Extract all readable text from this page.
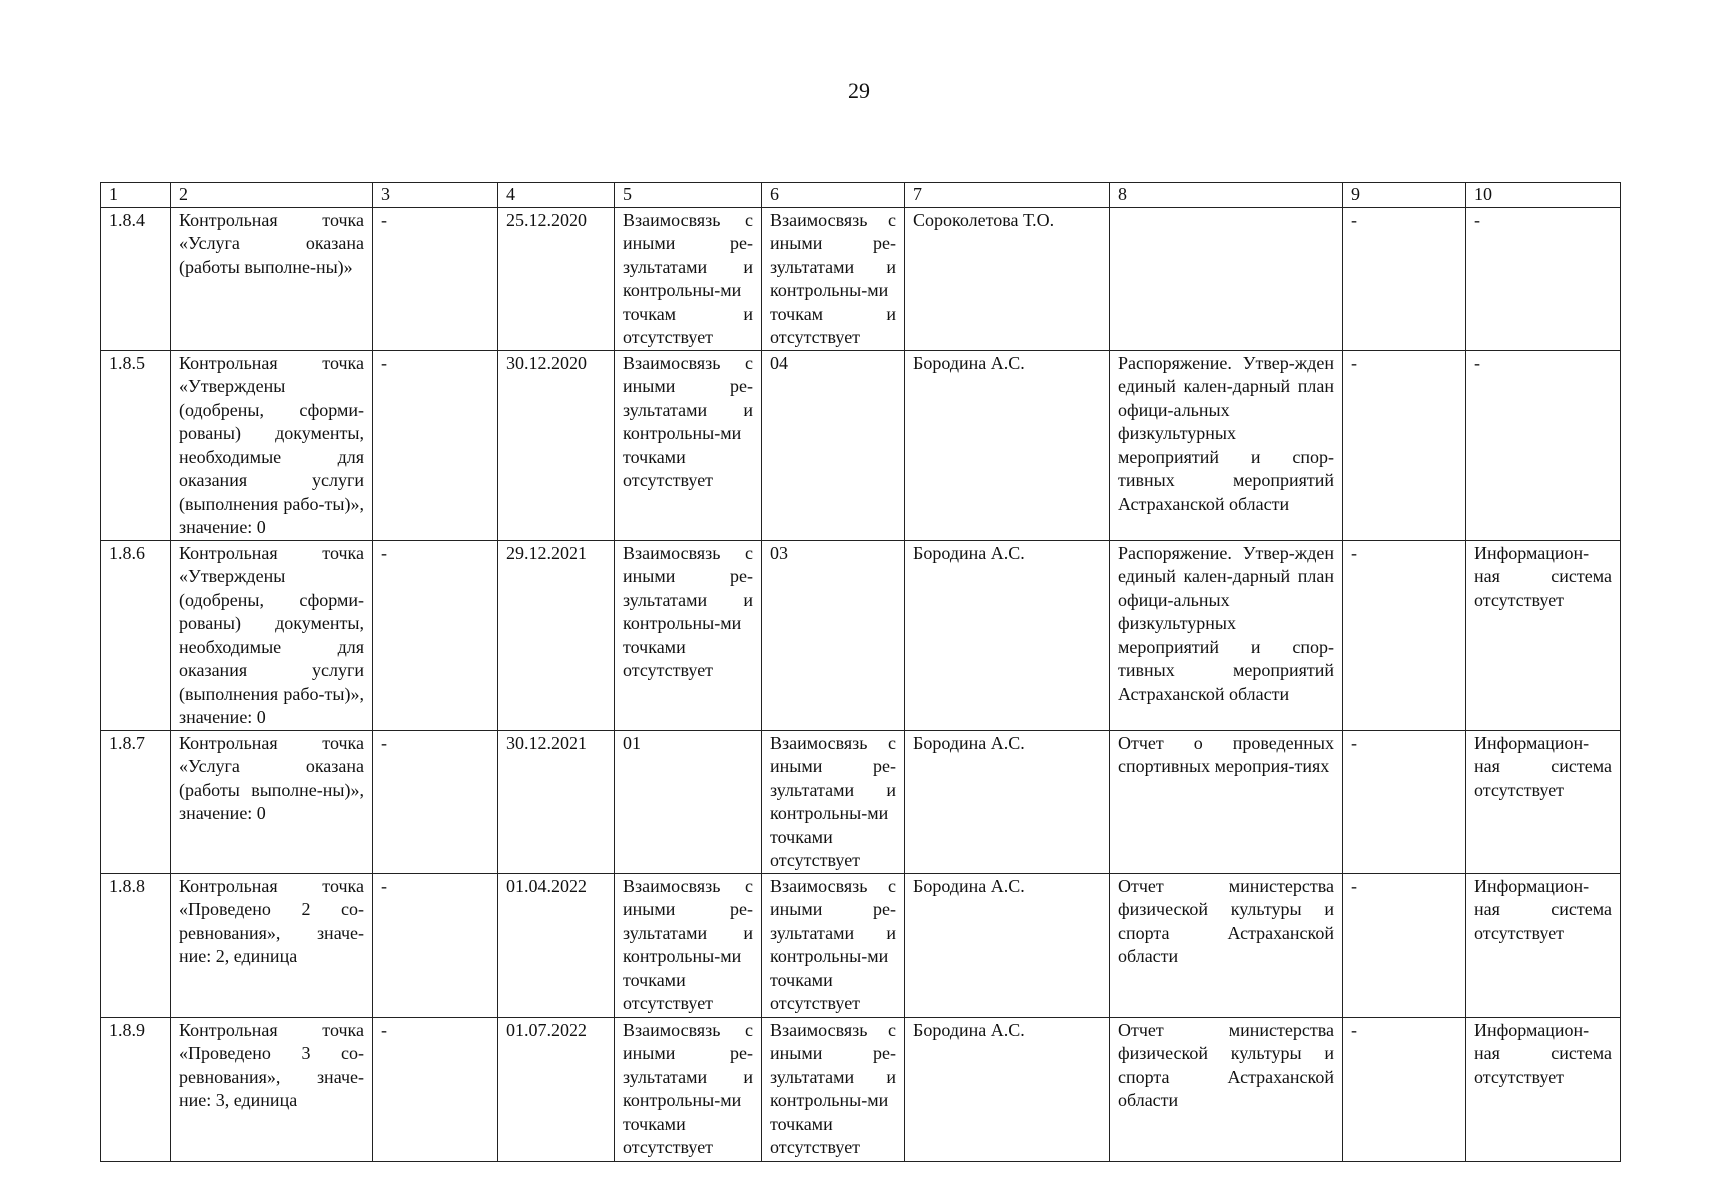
29
1	2	3	4	5	6	7	8	9	10
1.8.4	Контрольная точка «Услуга оказана (работы выполне-ны)»	-	25.12.2020	Взаимосвязь с иными ре-зультатами и контрольны-ми точкам и отсутствует	Взаимосвязь с иными ре-зультатами и контрольны-ми точкам и отсутствует	Сороколетова Т.О.		-	-
1.8.5	Контрольная точка «Утверждены (одобрены, сформи-рованы) документы, необходимые для оказания услуги (выполнения рабо-ты)», значение: 0	-	30.12.2020	Взаимосвязь с иными ре-зультатами и контрольны-ми точками отсутствует	04	Бородина А.С.	Распоряжение. Утвер-жден единый кален-дарный план офици-альных физкультурных мероприятий и спор-тивных мероприятий Астраханской области	-	-
1.8.6	Контрольная точка «Утверждены (одобрены, сформи-рованы) документы, необходимые для оказания услуги (выполнения рабо-ты)», значение: 0	-	29.12.2021	Взаимосвязь с иными ре-зультатами и контрольны-ми точками отсутствует	03	Бородина А.С.	Распоряжение. Утвер-жден единый кален-дарный план офици-альных физкультурных мероприятий и спор-тивных мероприятий Астраханской области	-	Информацион-ная система отсутствует
1.8.7	Контрольная точка «Услуга оказана (работы выполне-ны)», значение: 0	-	30.12.2021	01	Взаимосвязь с иными ре-зультатами и контрольны-ми точками отсутствует	Бородина А.С.	Отчет о проведенных спортивных мероприя-тиях	-	Информацион-ная система отсутствует
1.8.8	Контрольная точка «Проведено 2 со-ревнования», значе-ние: 2, единица	-	01.04.2022	Взаимосвязь с иными ре-зультатами и контрольны-ми точками отсутствует	Взаимосвязь с иными ре-зультатами и контрольны-ми точками отсутствует	Бородина А.С.	Отчет министерства физической культуры и спорта Астраханской области	-	Информацион-ная система отсутствует
1.8.9	Контрольная точка «Проведено 3 со-ревнования», значе-ние: 3, единица	-	01.07.2022	Взаимосвязь с иными ре-зультатами и контрольны-ми точками отсутствует	Взаимосвязь с иными ре-зультатами и контрольны-ми точками отсутствует	Бородина А.С.	Отчет министерства физической культуры и спорта Астраханской области	-	Информацион-ная система отсутствует
